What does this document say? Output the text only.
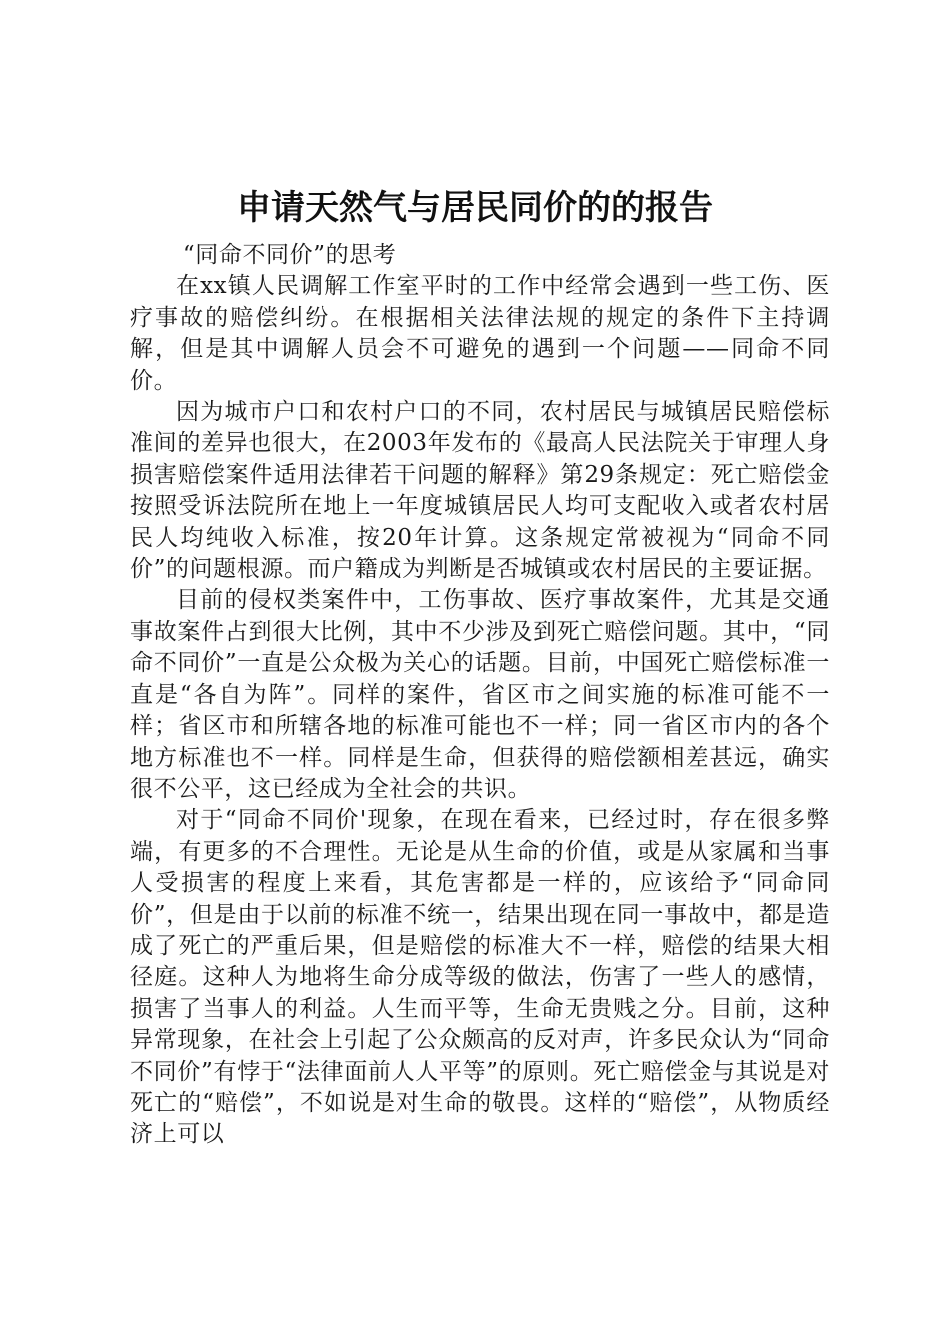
申请天然气与居民同价的的报告

“同命不同价”的思考

在xx镇人民调解工作室平时的工作中经常会遇到一些工伤、医疗事故的赔偿纠纷。在根据相关法律法规的规定的条件下主持调解，但是其中调解人员会不可避免的遇到一个问题——同命不同价。

因为城市户口和农村户口的不同，农村居民与城镇居民赔偿标准间的差异也很大，在2003年发布的《最高人民法院关于审理人身损害赔偿案件适用法律若干问题的解释》第29条规定：死亡赔偿金按照受诉法院所在地上一年度城镇居民人均可支配收入或者农村居民人均纯收入标准，按20年计算。这条规定常被视为“同命不同价”的问题根源。而户籍成为判断是否城镇或农村居民的主要证据。

目前的侵权类案件中，工伤事故、医疗事故案件，尤其是交通事故案件占到很大比例，其中不少涉及到死亡赔偿问题。其中，“同命不同价”一直是公众极为关心的话题。目前，中国死亡赔偿标准一直是“各自为阵”。同样的案件，省区市之间实施的标准可能不一样；省区市和所辖各地的标准可能也不一样；同一省区市内的各个地方标准也不一样。同样是生命，但获得的赔偿额相差甚远，确实很不公平，这已经成为全社会的共识。

对于“同命不同价'现象，在现在看来，已经过时，存在很多弊端，有更多的不合理性。无论是从生命的价值，或是从家属和当事人受损害的程度上来看，其危害都是一样的，应该给予“同命同价”，但是由于以前的标准不统一，结果出现在同一事故中，都是造成了死亡的严重后果，但是赔偿的标准大不一样，赔偿的结果大相径庭。这种人为地将生命分成等级的做法，伤害了一些人的感情，损害了当事人的利益。人生而平等，生命无贵贱之分。目前，这种异常现象，在社会上引起了公众颇高的反对声，许多民众认为“同命不同价”有悖于“法律面前人人平等”的原则。死亡赔偿金与其说是对死亡的“赔偿”，不如说是对生命的敬畏。这样的“赔偿”，从物质经济上可以
